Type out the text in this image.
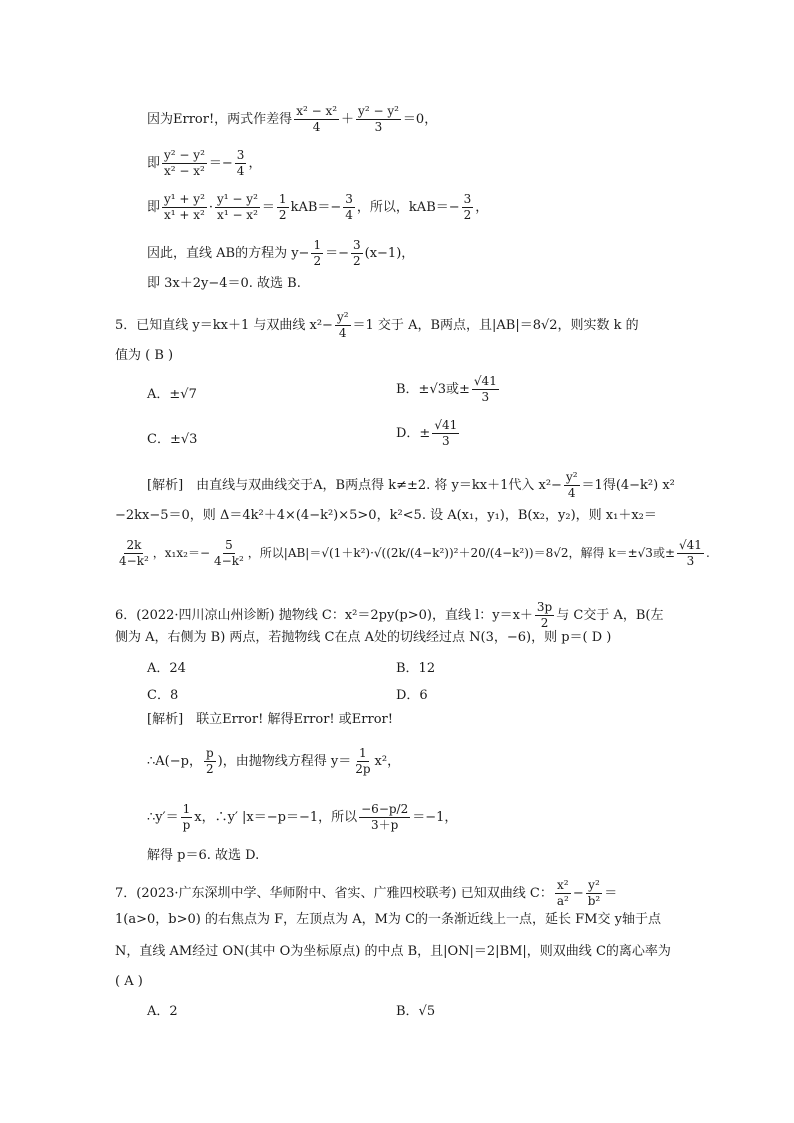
因为Error!，两式作差得 $\frac{\text{x² − x²}}{4} + \frac{\text{y² − y²}}{3} =0$，
即 $\frac{\text{y² − y²}}{\text{x² − x²}} =- \frac{3}{4}$ ，
即 $\frac{\text{y¹ + y²}}{\text{x¹ + x²}} \cdot \frac{\text{y¹ − y²}}{\text{x¹ − x²}} = \frac{1}{2} kAB=- \frac{3}{4}$ ，所以，$kAB=- \frac{3}{2}$ ，
因此，直线 AB的方程为 $y- \frac{1}{2} =- \frac{3}{2} (x-1)$，
即 3x＋2y−4＝0. 故选 B.
5．已知直线 y＝kx＋1 与双曲线 $x^2- \frac{\text{y²}}{4} =1$ 交于 A，B两点，且|AB|＝8√2，则实数 k 的
值为 ( B )
A．±√7	B．±√3或± $\frac{√41}{3}$
C．±√3	D．± $\frac{√41}{3}$
[解析]　由直线与双曲线交于A，B两点得 k≠±2. 将 y＝kx＋1代入 $x^2- \frac{\text{y²}}{4} =1$得(4−k²) x²
−2kx−5＝0，则 Δ＝4k²＋4×(4−k²)×5>0，k²<5. 设 A(x₁，y₁)，B(x₂，y₂)，则 x₁＋x₂＝
$\frac{2k}{\text{4−k²}}$ ，$x_1x_2=- \frac{5}{\text{4−k²}}$ ，所以|AB|＝√(1＋k²)·√((2k/(4−k²))²＋20/(4−k²))＝8√2，解得 k＝±√3或± $\frac{√41}{3}$ .
6．(2022·四川凉山州诊断) 抛物线 C：x²＝2py(p>0)，直线 l：$y=x+ \frac{3p}{2}$ 与 C交于 A，B(左
侧为 A，右侧为 B) 两点，若抛物线 C在点 A处的切线经过点 N(3，−6)，则 p＝( D )
A．24	B．12
C．8	D．6
[解析]　联立Error! 解得Error! 或Error!
∴A(−p， $\frac{p}{2}$ )，由抛物线方程得 $y= \frac{1}{2p} x^2$，
∴y′＝ $\frac{1}{p}$ x，∴y′ |x＝−p＝−1，所以 $\frac{-6-p/2}{3+p} =-1$，
解得 p＝6. 故选 D.
7．(2023·广东深圳中学、华师附中、省实、广雅四校联考) 已知双曲线 C： $\frac{\text{x²}}{\text{a²}} - \frac{\text{y²}}{\text{b²}}$ ＝
1(a>0，b>0) 的右焦点为 F，左顶点为 A，M为 C的一条渐近线上一点，延长 FM交 y轴于点
N，直线 AM经过 ON(其中 O为坐标原点) 的中点 B，且|ON|＝2|BM|，则双曲线 C的离心率为
( A )
A．2	B．√5
